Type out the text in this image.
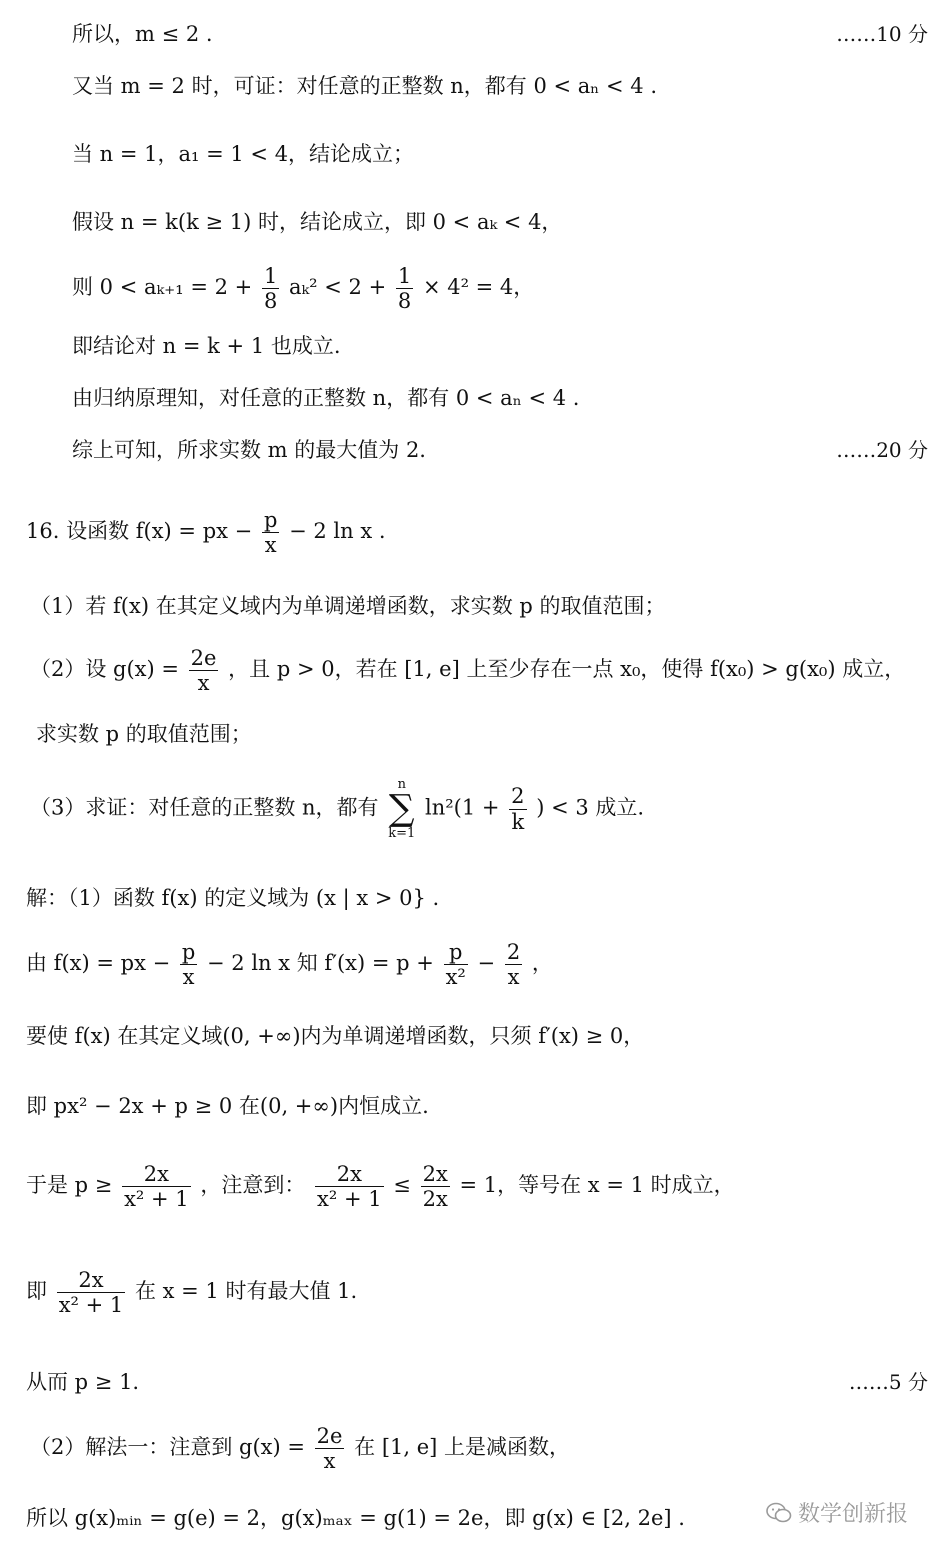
所以，m ≤ 2 .	……10 分
又当 m = 2 时，可证：对任意的正整数 n，都有 0 < aₙ < 4 .
当 n = 1，a₁ = 1 < 4，结论成立；
假设 n = k(k ≥ 1) 时，结论成立，即 0 < aₖ < 4，
则 $0 < a_{k+1} = 2 + \frac{1}{8} a_k^2 < 2 + \frac{1}{8} \times 4^2 = 4$，
即结论对 n = k + 1 也成立.
由归纳原理知，对任意的正整数 n，都有 0 < aₙ < 4 .
综上可知，所求实数 m 的最大值为 2.	……20 分
16. 设函数 f(x) = px − $\frac{p}{x} - 2$ ln x .
（1）若 f(x) 在其定义域内为单调递增函数，求实数 p 的取值范围；
（2）设 $g(x) = \frac{2e}{x}$ ，且 p > 0，若在 [1, e] 上至少存在一点 x₀，使得 f(x₀) > g(x₀) 成立，
求实数 p 的取值范围；
（3）求证：对任意的正整数 n，都有
n
∑
k=1
$\ln^2(1 + \frac{2}{k}$ ) < 3 成立.
解：（1）函数 f(x) 的定义域为 (x | x > 0} .
由 f(x) = px − $\frac{p}{x} - 2$ ln x 知 $f'(x) = p + \frac{p}{\text{x²}} - \frac{2}{x}$ ，
要使 f(x) 在其定义域(0, +∞)内为单调递增函数，只须 f′(x) ≥ 0，
即 px² − 2x + p ≥ 0 在(0, +∞)内恒成立.
于是 $p \ge \frac{2x}{\text{x² + 1}}$ ，注意到： $\frac{2x}{\text{x² + 1}} \le \frac{2x}{2x} = 1$，等号在 x = 1 时成立，
即 $\frac{2x}{\text{x² + 1}}$ 在 x = 1 时有最大值 1.
从而 p ≥ 1.	……5 分
（2）解法一：注意到 $g(x) = \frac{2e}{x}$ 在 [1, e] 上是减函数，
所以 g(x)ₘᵢₙ = g(e) = 2，g(x)ₘₐₓ = g(1) = 2e，即 g(x) ∈ [2, 2e] .	数学创新报
